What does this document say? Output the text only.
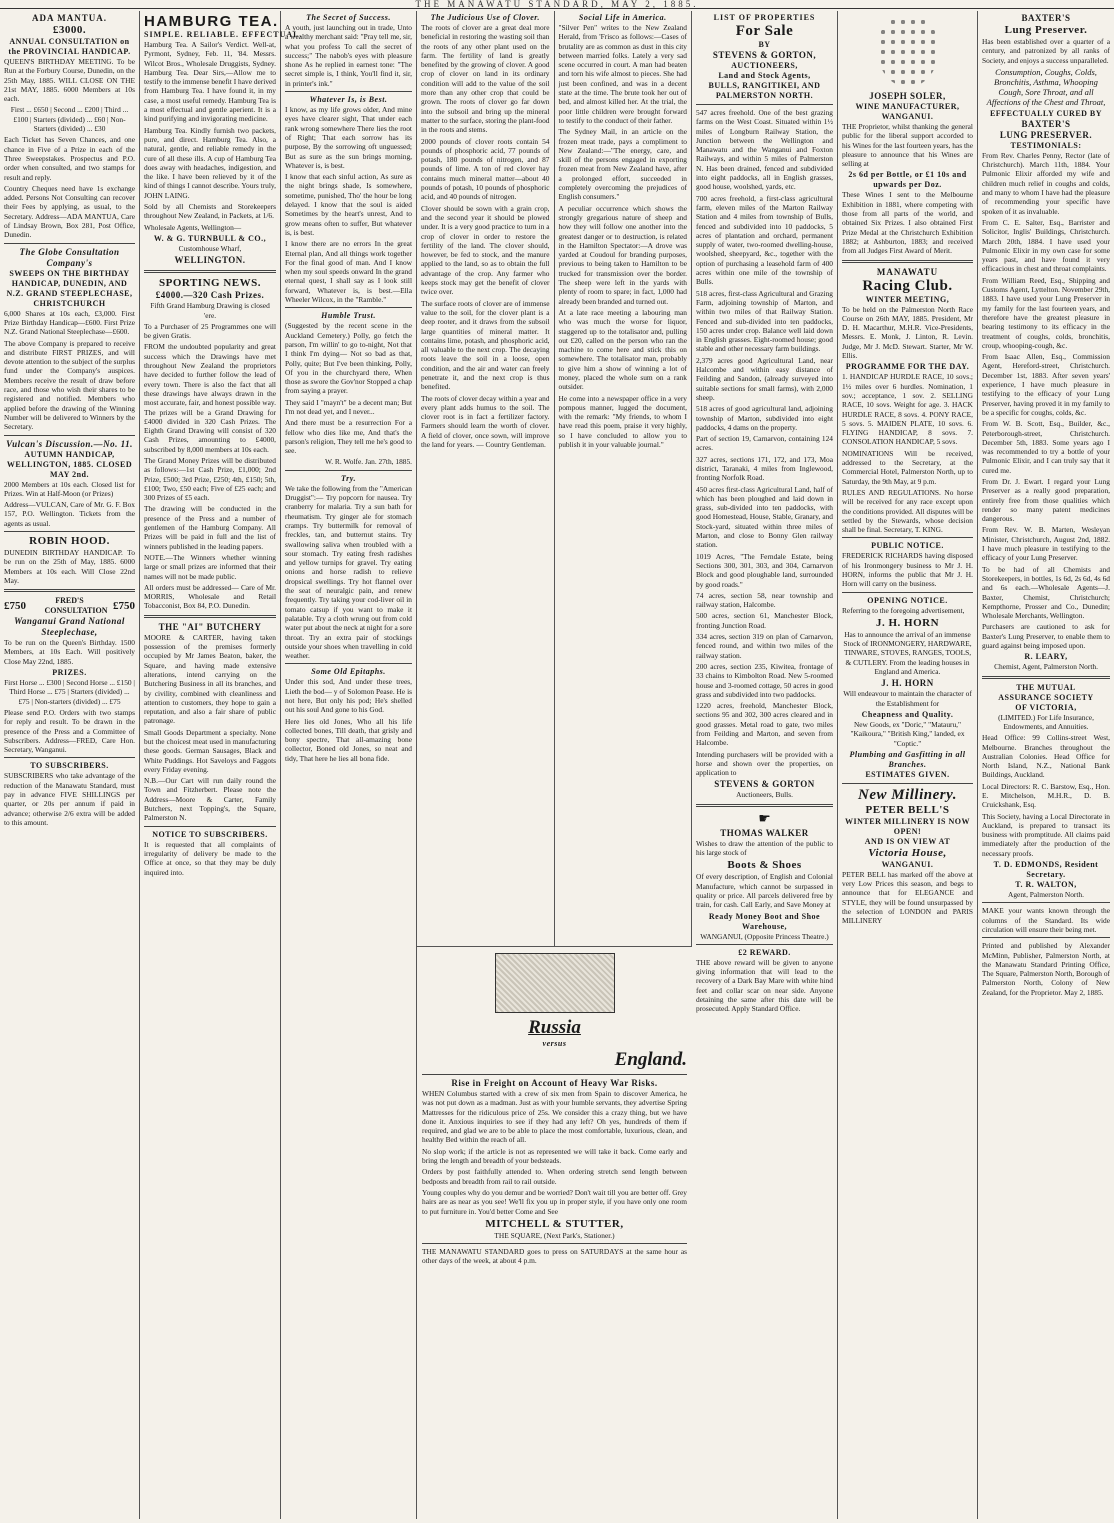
THE MANAWATU STANDARD, MAY 2, 1885.
ADA MANTUA.
£3000.
ANNUAL CONSULTATION on the PROVINCIAL HANDICAP.

QUEEN'S BIRTHDAY MEETING. To be Run at the Forbury Course, Dunedin, on the 25th May, 1885. WILL CLOSE ON THE 21st MAY, 1885. 6000 Members at 10s each.

First ... £650 | Second ... £200 | Third ... £100 | Starters (divided) ... £60 | Non-Starters (divided) ... £30

Each Ticket has Seven Chances, and one chance in Five of a Prize in each of the Three Sweepstakes. Prospectus and P.O. order when consulted, and two stamps for result and reply.

Country Cheques need have 1s exchange added. Persons Not Consulting can recover their Fees by applying, as usual, to the Secretary. Address—ADA MANTUA, Care of Lindsay Brown, Box 281, Post Office, Dunedin.

The Globe Consultation Company's
SWEEPS ON THE BIRTHDAY HANDICAP, DUNEDIN, AND N.Z. GRAND STEEPLECHASE, CHRISTCHURCH

6,000 Shares at 10s each, £3,000. First Prize Birthday Handicap—£600. First Prize N.Z. Grand National Steeplechase—£600.

The above Company is prepared to receive and distribute FIRST PRIZES, and will devote attention to the subject of the surplus fund under the Company's auspices. Members receive the result of draw before race, and those who wish their shares to be registered and notified. Members who applied before the drawing of the Winning Number will be delivered to Winners by the Secretary.

Vulcan's Discussion.—No. 11.
AUTUMN HANDICAP, WELLINGTON, 1885. CLOSED MAY 2nd.

2000 Members at 10s each. Closed list for Prizes. Win at Half-Moon (or Prizes)

Address—VULCAN, Care of Mr. G. F. Box 157, P.O. Wellington. Tickets from the agents as usual.

ROBIN HOOD.

DUNEDIN BIRTHDAY HANDICAP. To be run on the 25th of May, 1885. 6000 Members at 10s each. Will Close 22nd May.

£750	FRED'S CONSULTATION £750
Wanganui Grand National Steeplechase,

To be run on the Queen's Birthday. 1500 Members, at 10s Each. Will positively Close May 22nd, 1885.

PRIZES.

First Horse ... £300 | Second Horse ... £150 | Third Horse ... £75 | Starters (divided) ... £75 | Non-starters (divided) ... £75

Please send P.O. Orders with two stamps for reply and result. To be drawn in the presence of the Press and a Committee of Subscribers. Address—FRED, Care Hon. Secretary, Wanganui.

TO SUBSCRIBERS.

SUBSCRIBERS who take advantage of the reduction of the Manawatu Standard, must pay in advance FIVE SHILLINGS per quarter, or 20s per annum if paid in advance; otherwise 2/6 extra will be added to this amount.

HAMBURG TEA.
SIMPLE. RELIABLE. EFFECTUAL.

Hamburg Tea. A Sailor's Verdict. Well-at, Pyrmont, Sydney, Feb. 11, '84. Messrs. Wilcot Bros., Wholesale Druggists, Sydney. Hamburg Tea. Dear Sirs,—Allow me to testify to the immense benefit I have derived from Hamburg Tea. I have found it, in my case, a most useful remedy. Hamburg Tea is a most effectual and gentle aperient. It is a kind purifying and invigorating medicine.

Hamburg Tea. Kindly furnish two packets, pure, and direct. Hamburg Tea. Also, a natural, gentle, and reliable remedy in the cure of all these ills. A cup of Hamburg Tea does away with headaches, indigestion, and the like. I have been relieved by it of the kind of things I cannot describe. Yours truly, JOHN LAING.

Sold by all Chemists and Storekeepers throughout New Zealand, in Packets, at 1/6.

Wholesale Agents, Wellington—

W. & G. TURNBULL & CO.,

Customhouse Wharf,

WELLINGTON.
SPORTING NEWS.
£4000.—320 Cash Prizes.

Fifth Grand Hamburg Drawing is closed 'ere.

To a Purchaser of 25 Programmes one will be given Gratis.

FROM the undoubted popularity and great success which the Drawings have met throughout New Zealand the proprietors have decided to further follow the lead of every town. There is also the fact that all these drawings have always drawn in the most accurate, fair, and honest possible way. The prizes will be a Grand Drawing for £4000 divided in 320 Cash Prizes. The Eighth Grand Drawing will consist of 320 Cash Prizes, amounting to £4000, subscribed by 8,000 members at 10s each.

The Grand Money Prizes will be distributed as follows:—1st Cash Prize, £1,000; 2nd Prize, £500; 3rd Prize, £250; 4th, £150; 5th, £100; Two, £50 each; Five of £25 each; and 300 Prizes of £5 each.

The drawing will be conducted in the presence of the Press and a number of gentlemen of the Hamburg Company. All Prizes will be paid in full and the list of winners published in the leading papers.

NOTE.—The Winners whether winning large or small prizes are informed that their names will not be made public.

All orders must be addressed— Care of Mr. MORRIS, Wholesale and Retail Tobacconist, Box 84, P.O. Dunedin.

THE "AI" BUTCHERY

MOORE & CARTER, having taken possession of the premises formerly occupied by Mr James Beaton, baker, the Square, and having made extensive alterations, intend carrying on the Butchering Business in all its branches, and by civility, combined with cleanliness and attention to customers, they hope to gain a reputation, and also a fair share of public patronage.

Small Goods Department a specialty. None but the choicest meat used in manufacturing these goods. German Sausages, Black and White Puddings. Hot Saveloys and Faggots every Friday evening.

N.B.—Our Cart will run daily round the Town and Fitzherbert. Please note the Address—Moore & Carter, Family Butchers, next Topping's, the Square, Palmerston N.

NOTICE TO SUBSCRIBERS.

It is requested that all complaints of irregularity of delivery be made to the Office at once, so that they may be duly inquired into.

The Secret of Success.

A youth, just launching out in trade, Unto a wealthy merchant said: "Pray tell me, sir, what you profess To call the secret of success;" The nabob's eyes with pleasure shone As he replied in earnest tone: "The secret simple is, I think, You'll find it, sir, in printer's ink."

Whatever Is, is Best.

I know, as my life grows older, And mine eyes have clearer sight, That under each rank wrong somewhere There lies the root of Right; That each sorrow has its purpose, By the sorrowing oft unguessed; But as sure as the sun brings morning, Whatever is, is best.

I know that each sinful action, As sure as the night brings shade, Is somewhere, sometime, punished, Tho' the hour be long delayed. I know that the soul is aided Sometimes by the heart's unrest, And to grow means often to suffer, But whatever is, is best.

I know there are no errors In the great Eternal plan, And all things work together For the final good of man. And I know when my soul speeds onward In the grand eternal quest, I shall say as I look still forward, Whatever is, is best.—Ella Wheeler Wilcox, in the "Ramble."

Humble Trust.

(Suggested by the recent scene in the Auckland Cemetery.) Polly, go fetch the parson, I'm willin' to go to-night, Not that I think I'm dying— Not so bad as that, Polly, quite; But I've been thinking, Polly, Of you in the churchyard there, When those as swore the Gov'nor Stopped a chap from saying a prayer.

They said I "mayn't" be a decent man; But I'm not dead yet, and I never...

And there must be a resurrection For a fellow who dies like me, And that's the parson's religion, They tell me he's good to see.

W. R. Wolfe. Jan. 27th, 1885.

Try.

We take the following from the "American Druggist":— Try popcorn for nausea. Try cranberry for malaria. Try a sun bath for rheumatism. Try ginger ale for stomach cramps. Try buttermilk for removal of freckles, tan, and butternut stains. Try swallowing saliva when troubled with a sour stomach. Try eating fresh radishes and yellow turnips for gravel. Try eating onions and horse radish to relieve dropsical swellings. Try hot flannel over the seat of neuralgic pain, and renew frequently. Try taking your cod-liver oil in tomato catsup if you want to make it palatable. Try a cloth wrung out from cold water put about the neck at night for a sore throat. Try an extra pair of stockings outside your shoes when travelling in cold weather.

Some Old Epitaphs.

Under this sod, And under these trees, Lieth the bod— y of Solomon Pease. He is not here, But only his pod; He's shelled out his soul And gone to his God.

Here lies old Jones, Who all his life collected bones, Till death, that grisly and bony spectre, That all-amazing bone collector, Boned old Jones, so neat and tidy, That here he lies all bona fide.

The Judicious Use of Clover.

The roots of clover are a great deal more beneficial in restoring the wasting soil than the roots of any other plant used on the farm. The fertility of land is greatly benefited by the growing of clover. A good crop of clover on land in its ordinary condition will add to the value of the soil more than any other crop that could be grown. The roots of clover go far down into the subsoil and bring up the mineral matter to the surface, storing the plant-food in the roots and stems.

2000 pounds of clover roots contain 54 pounds of phosphoric acid, 77 pounds of potash, 180 pounds of nitrogen, and 87 pounds of lime. A ton of red clover hay contains much mineral matter—about 40 pounds of potash, 10 pounds of phosphoric acid, and 40 pounds of nitrogen.

Clover should be sown with a grain crop, and the second year it should be plowed under. It is a very good practice to turn in a crop of clover in order to restore the fertility of the land. The clover should, however, be fed to stock, and the manure applied to the land, so as to obtain the full advantage of the crop. Any farmer who keeps stock may get the benefit of clover twice over.

The surface roots of clover are of immense value to the soil, for the clover plant is a deep rooter, and it draws from the subsoil large quantities of mineral matter. It contains lime, potash, and phosphoric acid, all valuable to the next crop. The decaying roots leave the soil in a loose, open condition, and the air and water can freely penetrate it, and the next crop is thus benefited.

The roots of clover decay within a year and every plant adds humus to the soil. The clover root is in fact a fertilizer factory. Farmers should learn the worth of clover. A field of clover, once sown, will improve the land for years. — Country Gentleman.

Social Life in America.

"Silver Pen" writes to the New Zealand Herald, from 'Frisco as follows:—Cases of brutality are as common as dust in this city between married folks. Lately a very sad scene occurred in court. A man had beaten and torn his wife almost to pieces. She had just been confined, and was in a decent state at the time. The brute took her out of bed, and almost killed her. At the trial, the poor little children were brought forward to testify to the conduct of their father.

The Sydney Mail, in an article on the frozen meat trade, pays a compliment to New Zealand:—"The energy, care, and skill of the persons engaged in exporting frozen meat from New Zealand have, after a prolonged effort, succeeded in completely overcoming the prejudices of English consumers."

A peculiar occurrence which shows the strongly gregarious nature of sheep and how they will follow one another into the greatest danger or to destruction, is related in the Hamilton Spectator:—A drove was yarded at Coudoul for branding purposes, previous to being taken to Hamilton to be trucked for transmission over the border. The sheep were left in the yards with plenty of room to spare; in fact, 1,000 had already been branded and turned out.

At a late race meeting a labouring man who was much the worse for liquor, staggered up to the totalisator and, pulling out £20, called on the person who ran the machine to come here and stick this on somewhere. The totalisator man, probably to give him a show of winning a lot of money, placed the whole sum on a rank outsider.

He come into a newspaper office in a very pompous manner, lugged the document, with the remark: "My friends, to whom I have read this poem, praise it very highly, so I have concluded to allow you to publish it in your valuable journal."

Russia
versus
England.
Rise in Freight on Account of Heavy War Risks.

WHEN Columbus started with a crew of six men from Spain to discover America, he was not put down as a madman. Just as with your humble servants, they advertise Spring Mattresses for the ridiculous price of 25s. We consider this a crazy thing, but we have done it. Anxious inquiries to see if they had any left? Oh yes, hundreds of them if required, and glad we are to be able to place the most comfortable, luxurious, clean, and healthy Bed within the reach of all.

No slop work; if the article is not as represented we will take it back. Come early and bring the length and breadth of your bedsteads.

Orders by post faithfully attended to. When ordering stretch send length between bedposts and breadth from rail to rail outside.

Young couples why do you demur and be worried? Don't wait till you are better off. Grey hairs are as near as you see! We'll fix you up in proper style, if you have only one room to put furniture in. You'd better Come and See

MITCHELL & STUTTER,

THE SQUARE, (Next Park's, Stationer.)

THE MANAWATU STANDARD goes to press on SATURDAYS at the same hour as other days of the week, at about 4 p.m.

LIST OF PROPERTIES
For Sale
BY
STEVENS & GORTON,
AUCTIONEERS,
Land and Stock Agents,
BULLS, RANGITIKEI, AND PALMERSTON NORTH.

547 acres freehold. One of the best grazing farms on the West Coast. Situated within 1½ miles of Longburn Railway Station, the Junction between the Wellington and Manawatu and the Wanganui and Foxton Railways, and within 5 miles of Palmerston N. Has been drained, fenced and subdivided into eight paddocks, all in English grasses, good house, woolshed, yards, etc.

700 acres freehold, a first-class agricultural farm, eleven miles of the Marton Railway Station and 4 miles from township of Bulls, fenced and subdivided into 10 paddocks, 5 acres of plantation and orchard, permanent supply of water, two-roomed dwelling-house, woolshed, sheepyard, &c., together with the option of purchasing a leasehold farm of 400 acres within one mile of the township of Bulls.

518 acres, first-class Agricultural and Grazing Farm, adjoining township of Marton, and within two miles of that Railway Station. Fenced and sub-divided into ten paddocks, 150 acres under crop. Balance well laid down in English grasses. Eight-roomed house; good stable and other necessary farm buildings.

2,379 acres good Agricultural Land, near Halcombe and within easy distance of Feilding and Sandon, (already surveyed into suitable sections for small farms), with 2,000 sheep.

518 acres of good agricultural land, adjoining township of Marton, subdivided into eight paddocks, 4 dams on the property.

Part of section 19, Carnarvon, containing 124 acres.

327 acres, sections 171, 172, and 173, Moa district, Taranaki, 4 miles from Inglewood, fronting Norfolk Road.

450 acres first-class Agricultural Land, half of which has been ploughed and laid down in grass, sub-divided into ten paddocks, with good Homestead, House, Stable, Granary, and Stock-yard, situated within three miles of Marton, and close to Bonny Glen railway station.

1019 Acres, "The Ferndale Estate, being Sections 300, 301, 303, and 304, Carnarvon Block and good ploughable land, surrounded by good roads."

74 acres, section 58, near township and railway station, Halcombe.

500 acres, section 61, Manchester Block, fronting Junction Road.

334 acres, section 319 on plan of Carnarvon, fenced round, and within two miles of the railway station.

200 acres, section 235, Kiwitea, frontage of 33 chains to Kimbolton Road. New 5-roomed house and 3-roomed cottage, 50 acres in good grass and subdivided into two paddocks.

1220 acres, freehold, Manchester Block, sections 95 and 302, 300 acres cleared and in good grasses. Metal road to gate, two miles from Feilding and Marton, and seven from Halcombe.

Intending purchasers will be provided with a horse and shown over the properties, on application to

STEVENS & GORTON

Auctioneers, Bulls.

☛
THOMAS WALKER

Wishes to draw the attention of the public to his large stock of

Boots & Shoes

Of every description, of English and Colonial Manufacture, which cannot be surpassed in quality or price. All parcels delivered free by train, for cash. Call Early, and Save Money at

Ready Money Boot and Shoe Warehouse,

WANGANUI, (Opposite Princess Theatre.)

£2 REWARD.

THE above reward will be given to anyone giving information that will lead to the recovery of a Dark Bay Mare with white hind feet and collar scar on near side. Anyone detaining the same after this date will be prosecuted. Apply Standard Office.

JOSEPH SOLER,
WINE MANUFACTURER,
WANGANUI.

THE Proprietor, whilst thanking the general public for the liberal support accorded to his Wines for the last fourteen years, has the pleasure to announce that his Wines are selling at

2s 6d per Bottle, or £1 10s and upwards per Doz.

These Wines I sent to the Melbourne Exhibition in 1881, where competing with those from all parts of the world, and obtained Six Prizes. I also obtained First Prize Medal at the Christchurch Exhibition 1882; at Ashburton, 1883; and received from all Judges First Award of Merit.

MANAWATU
Racing Club.
WINTER MEETING,

To be held on the Palmerston North Race Course on 26th MAY, 1885. President, Mr D. H. Macarthur, M.H.R. Vice-Presidents, Messrs. E. Monk, J. Linton, R. Levin. Judge, Mr J. McD. Stewart. Starter, Mr W. Ellis.

PROGRAMME FOR THE DAY.

1. HANDICAP HURDLE RACE, 10 sovs.; 1½ miles over 6 hurdles. Nomination, 1 sov.; acceptance, 1 sov. 2. SELLING RACE, 10 sovs. Weight for age. 3. HACK HURDLE RACE, 8 sovs. 4. PONY RACE, 5 sovs. 5. MAIDEN PLATE, 10 sovs. 6. FLYING HANDICAP, 8 sovs. 7. CONSOLATION HANDICAP, 5 sovs.

NOMINATIONS Will be received, addressed to the Secretary, at the Commercial Hotel, Palmerston North, up to Saturday, the 9th May, at 9 p.m.

RULES AND REGULATIONS. No horse will be received for any race except upon the conditions provided. All disputes will be settled by the Stewards, whose decision shall be final. Secretary, T. KING.

PUBLIC NOTICE.

FREDERICK RICHARDS having disposed of his Ironmongery business to Mr J. H. HORN, informs the public that Mr J. H. Horn will carry on the business.

OPENING NOTICE.

Referring to the foregoing advertisement,

J. H. HORN

Has to announce the arrival of an immense Stock of IRONMONGERY, HARDWARE, TINWARE, STOVES, RANGES, TOOLS, & CUTLERY. From the leading houses in England and America.

J. H. HORN

Will endeavour to maintain the character of the Establishment for

Cheapness and Quality.

New Goods, ex "Doric," "Matauru," "Kaikoura," "British King," landed, ex "Coptic."

Plumbing and Gasfitting in all Branches.
ESTIMATES GIVEN.
New Millinery.
PETER BELL'S
WINTER MILLINERY IS NOW OPEN!
AND IS ON VIEW AT
Victoria House,
WANGANUI.

PETER BELL has marked off the above at very Low Prices this season, and begs to announce that for ELEGANCE and STYLE, they will be found unsurpassed by the selection of LONDON and PARIS MILLINERY

BAXTER'S
Lung Preserver.

Has been established over a quarter of a century, and patronized by all ranks of Society, and enjoys a success unparalleled.

Consumption, Coughs, Colds, Bronchitis, Asthma, Whooping Cough, Sore Throat, and all Affections of the Chest and Throat,

EFFECTUALLY CURED BY
BAXTER'S
LUNG PRESERVER.
TESTIMONIALS:

From Rev. Charles Penny, Rector (late of Christchurch). March 11th, 1884. Your Pulmonic Elixir afforded my wife and children much relief in coughs and colds, and many to whom I have had the pleasure of recommending your specific have spoken of it as invaluable.

From C. E. Salter, Esq., Barrister and Solicitor, Inglis' Buildings, Christchurch. March 20th, 1884. I have used your Pulmonic Elixir in my own case for some years past, and have found it very efficacious in chest and throat complaints.

From William Reed, Esq., Shipping and Customs Agent, Lyttelton. November 29th, 1883. I have used your Lung Preserver in my family for the last fourteen years, and therefore have the greatest pleasure in bearing testimony to its efficacy in the treatment of coughs, colds, bronchitis, croup, whooping-cough, &c.

From Isaac Allen, Esq., Commission Agent, Hereford-street, Christchurch. December 1st, 1883. After seven years' experience, I have much pleasure in testifying to the efficacy of your Lung Preserver, having proved it in my family to be a specific for coughs, colds, &c.

From W. B. Scott, Esq., Builder, &c., Peterborough-street, Christchurch. December 5th, 1883. Some years ago I was recommended to try a bottle of your Pulmonic Elixir, and I can truly say that it cured me.

From Dr. J. Ewart. I regard your Lung Preserver as a really good preparation, entirely free from those qualities which render so many patent medicines dangerous.

From Rev. W. B. Marten, Wesleyan Minister, Christchurch, August 2nd, 1882. I have much pleasure in testifying to the efficacy of your Lung Preserver.

To be had of all Chemists and Storekeepers, in bottles, 1s 6d, 2s 6d, 4s 6d and 6s each.—Wholesale Agents—J. Baxter, Chemist, Christchurch; Kempthorne, Prosser and Co., Dunedin; Wholesale Merchants, Wellington.

Purchasers are cautioned to ask for Baxter's Lung Preserver, to enable them to guard against being imposed upon.

R. LEARY,

Chemist, Agent, Palmerston North.

THE MUTUAL
ASSURANCE SOCIETY
OF VICTORIA,

(LIMITED.) For Life Insurance, Endowments, and Annuities.

Head Office: 99 Collins-street West, Melbourne. Branches throughout the Australian Colonies. Head Office for North Island, N.Z., National Bank Buildings, Auckland.

Local Directors: R. C. Barstow, Esq., Hon. E. Mitchelson, M.H.R., D. B. Cruickshank, Esq.

This Society, having a Local Directorate in Auckland, is prepared to transact its business with promptitude. All claims paid immediately after the production of the necessary proofs.

T. D. EDMONDS, Resident Secretary.
T. R. WALTON,

Agent, Palmerston North.

MAKE your wants known through the columns of the Standard. Its wide circulation will ensure their being met.

Printed and published by Alexander McMinn, Publisher, Palmerston North, at the Manawatu Standard Printing Office, The Square, Palmerston North, Borough of Palmerston North, Colony of New Zealand, for the Proprietor. May 2, 1885.
